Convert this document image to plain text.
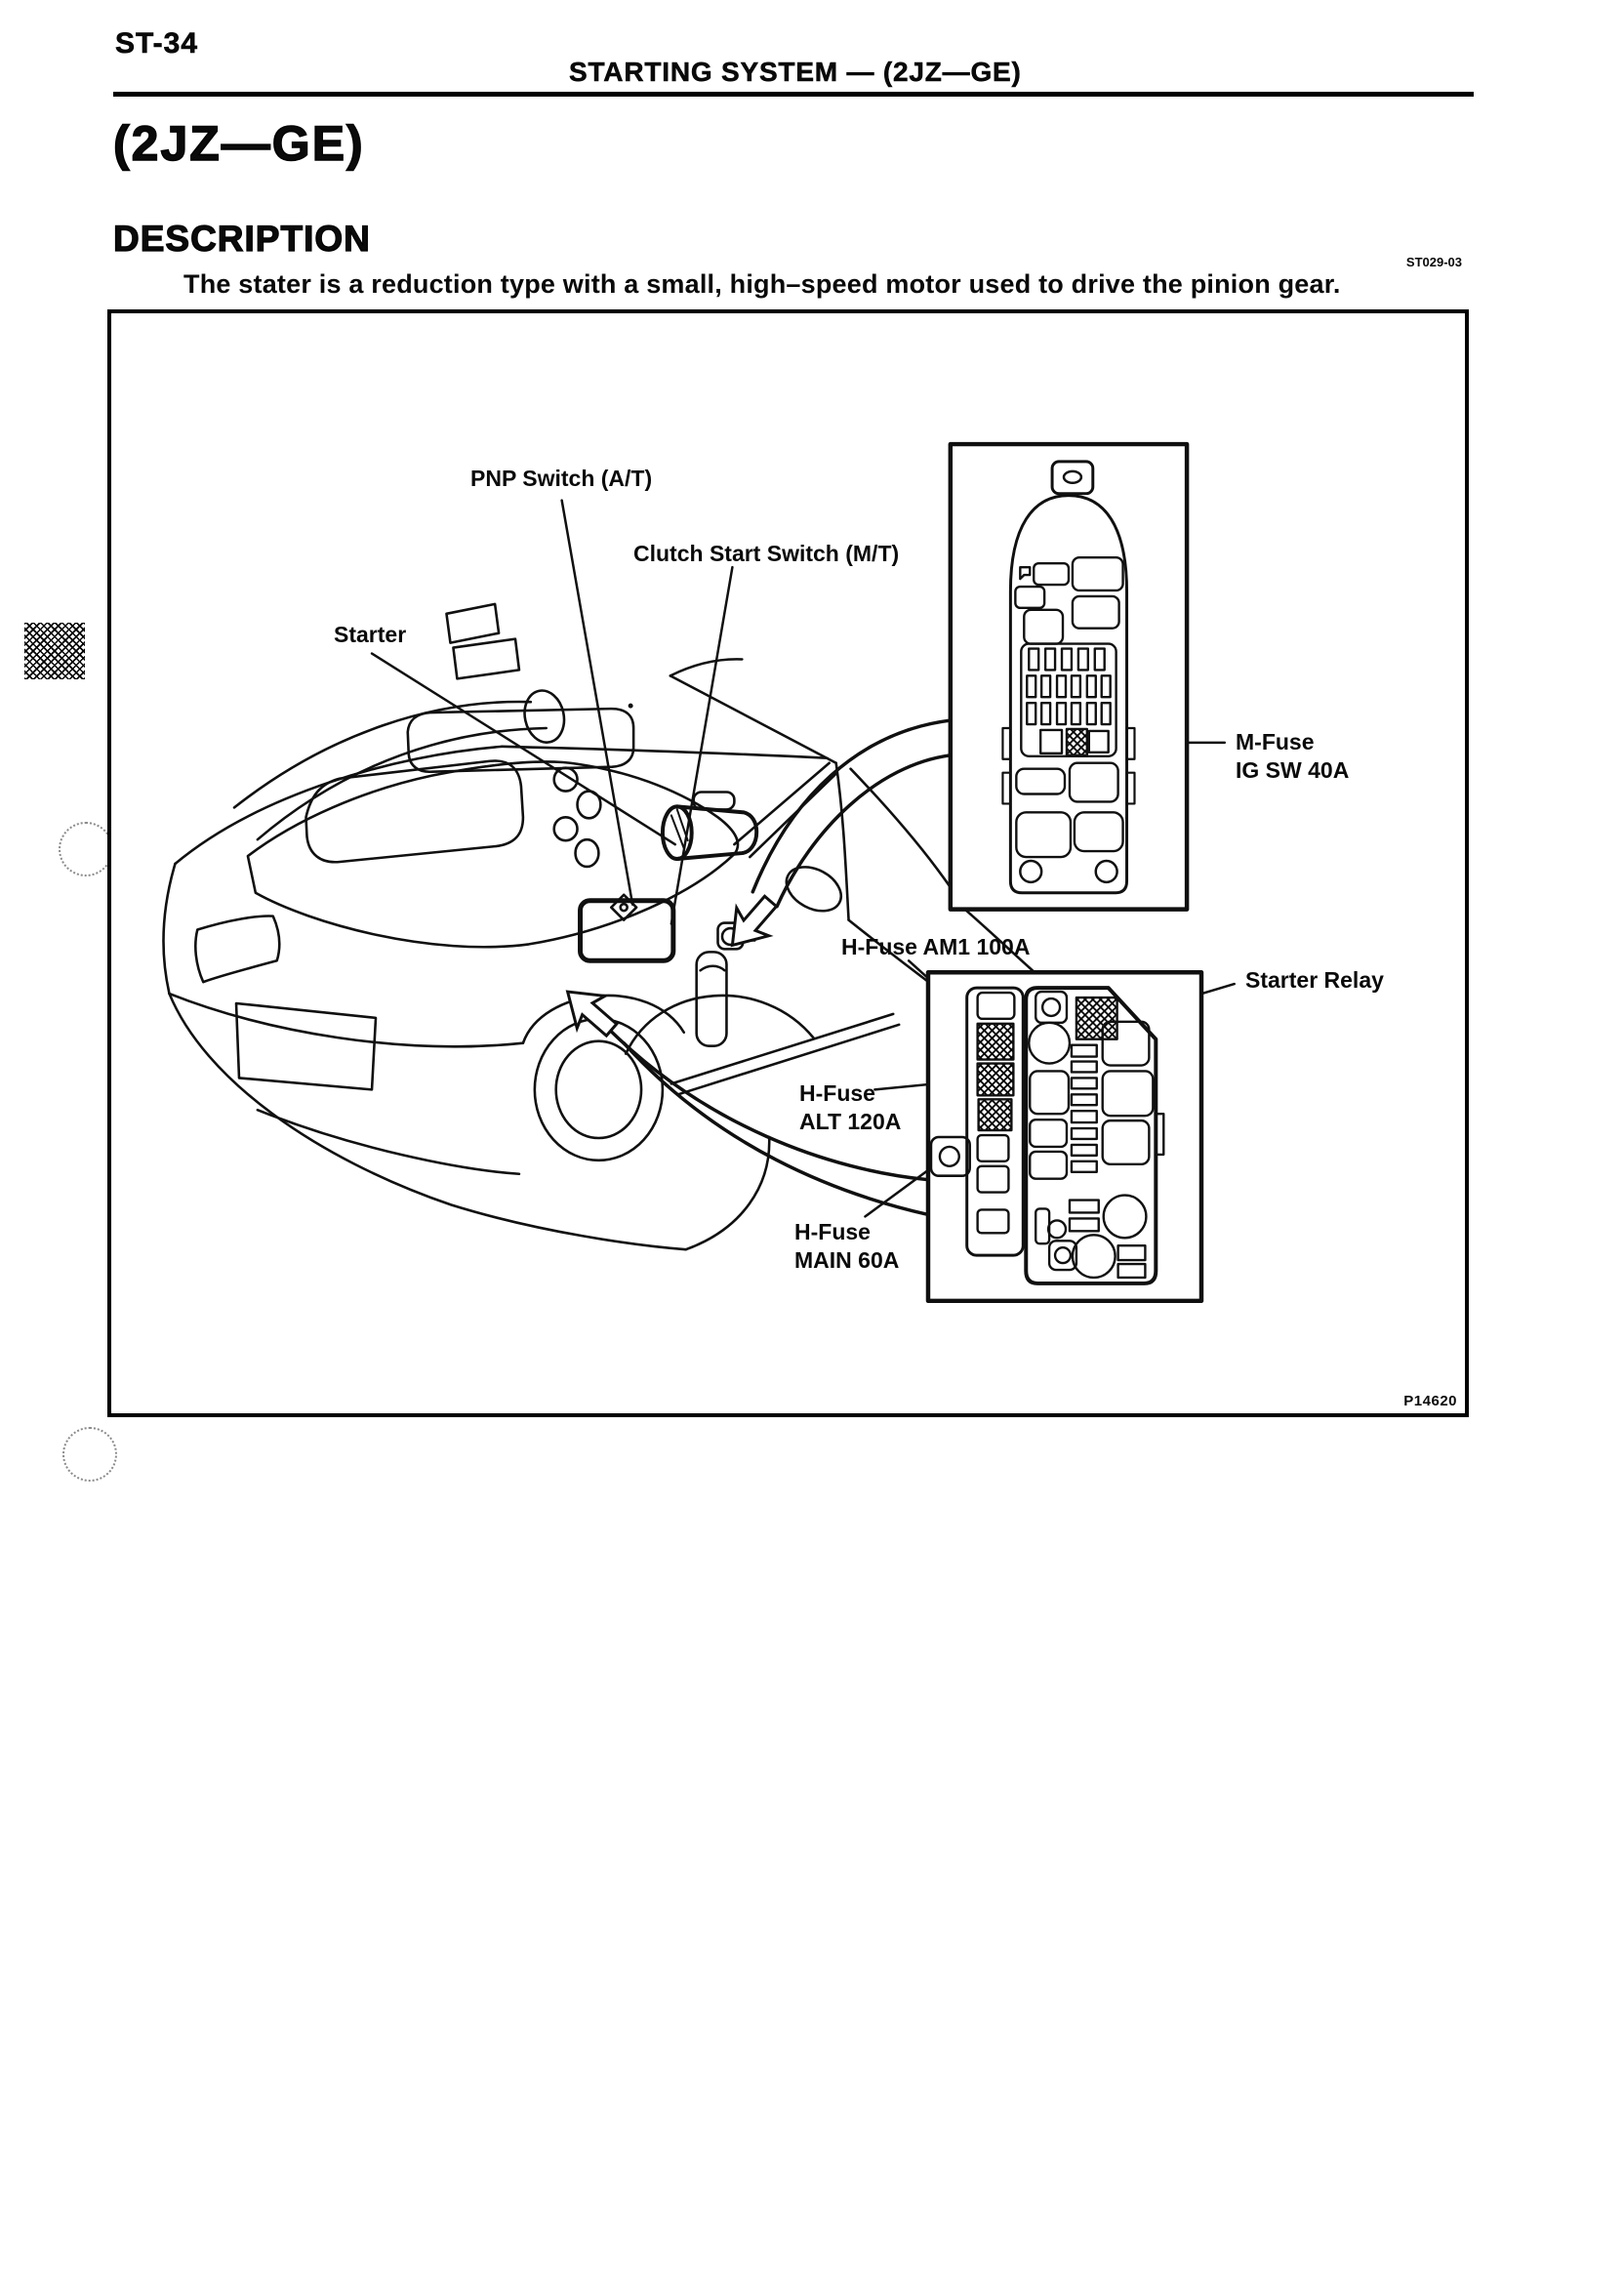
ST-34
STARTING SYSTEM — (2JZ—GE)
(2JZ—GE)
DESCRIPTION
ST029-03

The stater is a reduction type with a small, high–speed motor used to drive the pinion gear.

PNP Switch (A/T)
Clutch Start Switch (M/T)
Starter
M-Fuse
IG SW 40A
H-Fuse AM1 100A
Starter Relay
H-Fuse
ALT 120A
H-Fuse
MAIN 60A
P14620
